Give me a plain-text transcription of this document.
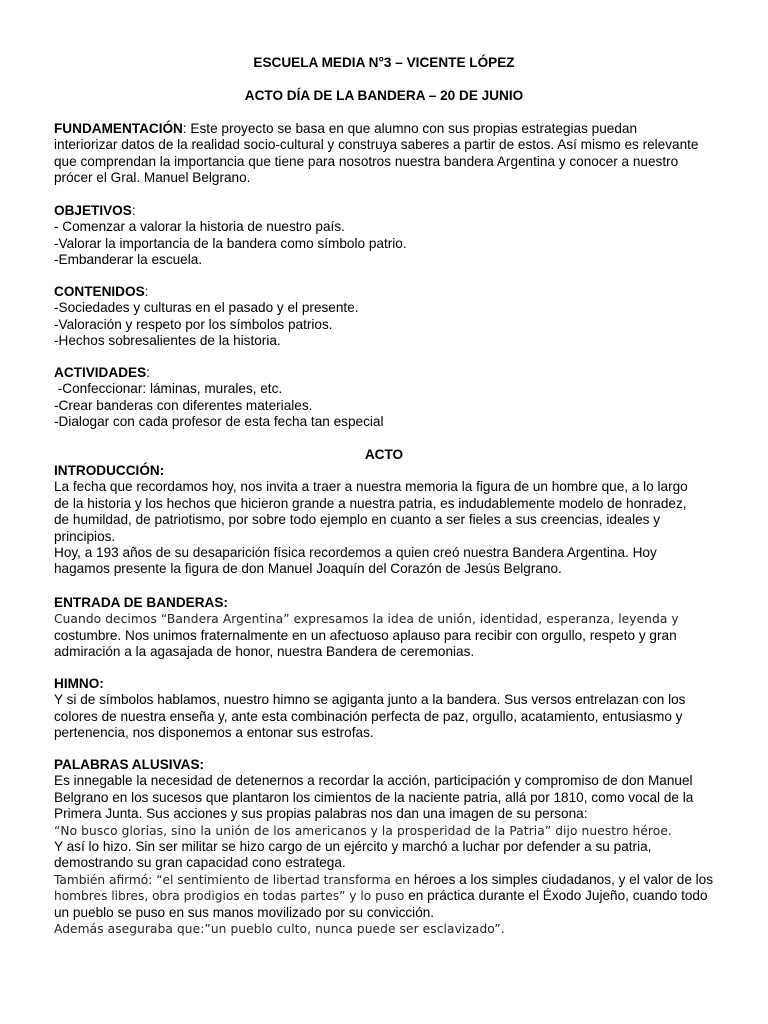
ESCUELA MEDIA N°3 – VICENTE LÓPEZ
ACTO DÍA DE LA BANDERA – 20 DE JUNIO
FUNDAMENTACIÓN: Este proyecto se basa en que alumno con sus propias estrategias puedan
interiorizar datos de la realidad socio-cultural y construya saberes a partir de estos. Así mismo es relevante
que comprendan la importancia que tiene para nosotros nuestra bandera Argentina y conocer a nuestro
prócer el Gral. Manuel Belgrano.
OBJETIVOS:
- Comenzar a valorar la historia de nuestro país.
-Valorar la importancia de la bandera como símbolo patrio.
-Embanderar la escuela.
CONTENIDOS:
-Sociedades y culturas en el pasado y el presente.
-Valoración y respeto por los símbolos patrios.
-Hechos sobresalientes de la historia.
ACTIVIDADES:
-Confeccionar: láminas, murales, etc.
-Crear banderas con diferentes materiales.
-Dialogar con cada profesor de esta fecha tan especial
ACTO
INTRODUCCIÓN:
La fecha que recordamos hoy, nos invita a traer a nuestra memoria la figura de un hombre que, a lo largo
de la historia y los hechos que hicieron grande a nuestra patria, es indudablemente modelo de honradez,
de humildad, de patriotismo, por sobre todo ejemplo en cuanto a ser fieles a sus creencias, ideales y
principios.
Hoy, a 193 años de su desaparición física recordemos a quien creó nuestra Bandera Argentina. Hoy
hagamos presente la figura de don Manuel Joaquín del Corazón de Jesús Belgrano.
ENTRADA DE BANDERAS:
Cuando decimos “Bandera Argentina” expresamos la idea de unión, identidad, esperanza, leyenda y
costumbre. Nos unimos fraternalmente en un afectuoso aplauso para recibir con orgullo, respeto y gran
admiración a la agasajada de honor, nuestra Bandera de ceremonias.
HIMNO:
Y si de símbolos hablamos, nuestro himno se agiganta junto a la bandera. Sus versos entrelazan con los
colores de nuestra enseña y, ante esta combinación perfecta de paz, orgullo, acatamiento, entusiasmo y
pertenencia, nos disponemos a entonar sus estrofas.
PALABRAS ALUSIVAS:
Es innegable la necesidad de detenernos a recordar la acción, participación y compromiso de don Manuel
Belgrano en los sucesos que plantaron los cimientos de la naciente patria, allá por 1810, como vocal de la
Primera Junta. Sus acciones y sus propias palabras nos dan una imagen de su persona:
“No busco glorias, sino la unión de los americanos y la prosperidad de la Patria” dijo nuestro héroe.
Y así lo hizo. Sin ser militar se hizo cargo de un ejército y marchó a luchar por defender a su patria,
demostrando su gran capacidad cono estratega.
También afirmó: “el sentimiento de libertad transforma en héroes a los simples ciudadanos, y el valor de los
hombres libres, obra prodigios en todas partes” y lo puso en práctica durante el Éxodo Jujeño, cuando todo
un pueblo se puso en sus manos movilizado por su convicción.
Además aseguraba que:”un pueblo culto, nunca puede ser esclavizado”.
